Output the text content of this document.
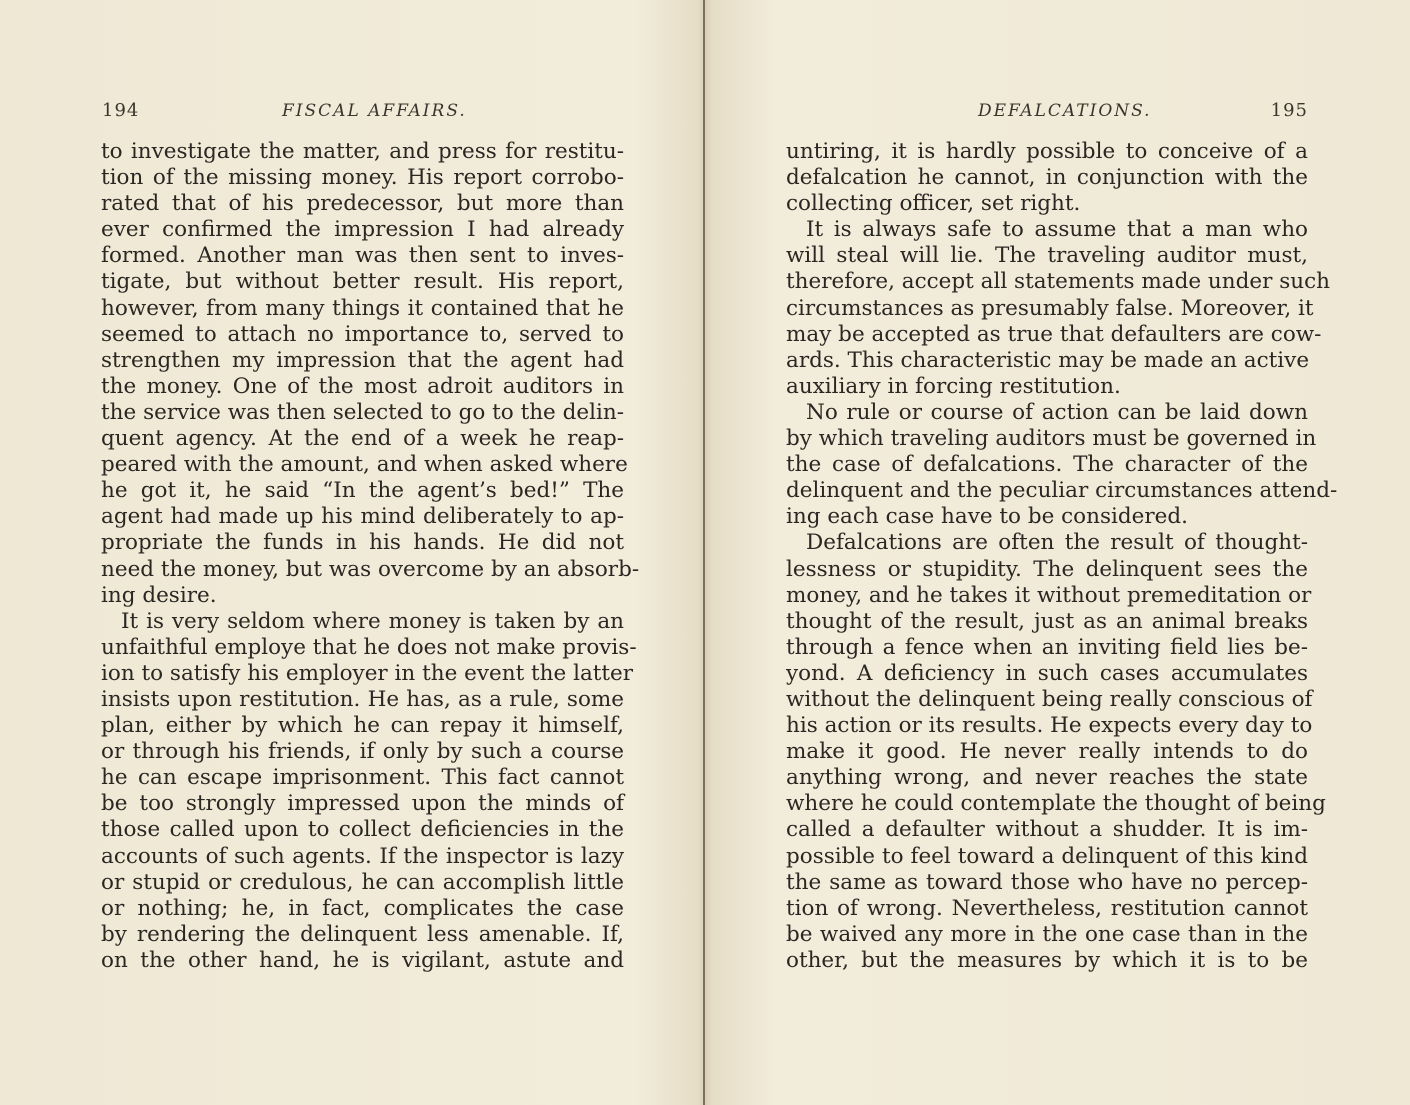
194	FISCAL AFFAIRS.	DEFALCATIONS.	195
to investigate the matter, and press for restitu-
tion of the missing money. His report corrobo-
rated that of his predecessor, but more than
ever confirmed the impression I had already
formed. Another man was then sent to inves-
tigate, but without better result. His report,
however, from many things it contained that he
seemed to attach no importance to, served to
strengthen my impression that the agent had
the money. One of the most adroit auditors in
the service was then selected to go to the delin-
quent agency. At the end of a week he reap-
peared with the amount, and when asked where
he got it, he said “In the agent’s bed!” The
agent had made up his mind deliberately to ap-
propriate the funds in his hands. He did not
need the money, but was overcome by an absorb-
ing desire.
It is very seldom where money is taken by an
unfaithful employe that he does not make provis-
ion to satisfy his employer in the event the latter
insists upon restitution. He has, as a rule, some
plan, either by which he can repay it himself,
or through his friends, if only by such a course
he can escape imprisonment. This fact cannot
be too strongly impressed upon the minds of
those called upon to collect deficiencies in the
accounts of such agents. If the inspector is lazy
or stupid or credulous, he can accomplish little
or nothing; he, in fact, complicates the case
by rendering the delinquent less amenable. If,
on the other hand, he is vigilant, astute and
untiring, it is hardly possible to conceive of a
defalcation he cannot, in conjunction with the
collecting officer, set right.
It is always safe to assume that a man who
will steal will lie. The traveling auditor must,
therefore, accept all statements made under such
circumstances as presumably false. Moreover, it
may be accepted as true that defaulters are cow-
ards. This characteristic may be made an active
auxiliary in forcing restitution.
No rule or course of action can be laid down
by which traveling auditors must be governed in
the case of defalcations. The character of the
delinquent and the peculiar circumstances attend-
ing each case have to be considered.
Defalcations are often the result of thought-
lessness or stupidity. The delinquent sees the
money, and he takes it without premeditation or
thought of the result, just as an animal breaks
through a fence when an inviting field lies be-
yond. A deficiency in such cases accumulates
without the delinquent being really conscious of
his action or its results. He expects every day to
make it good. He never really intends to do
anything wrong, and never reaches the state
where he could contemplate the thought of being
called a defaulter without a shudder. It is im-
possible to feel toward a delinquent of this kind
the same as toward those who have no percep-
tion of wrong. Nevertheless, restitution cannot
be waived any more in the one case than in the
other, but the measures by which it is to be
